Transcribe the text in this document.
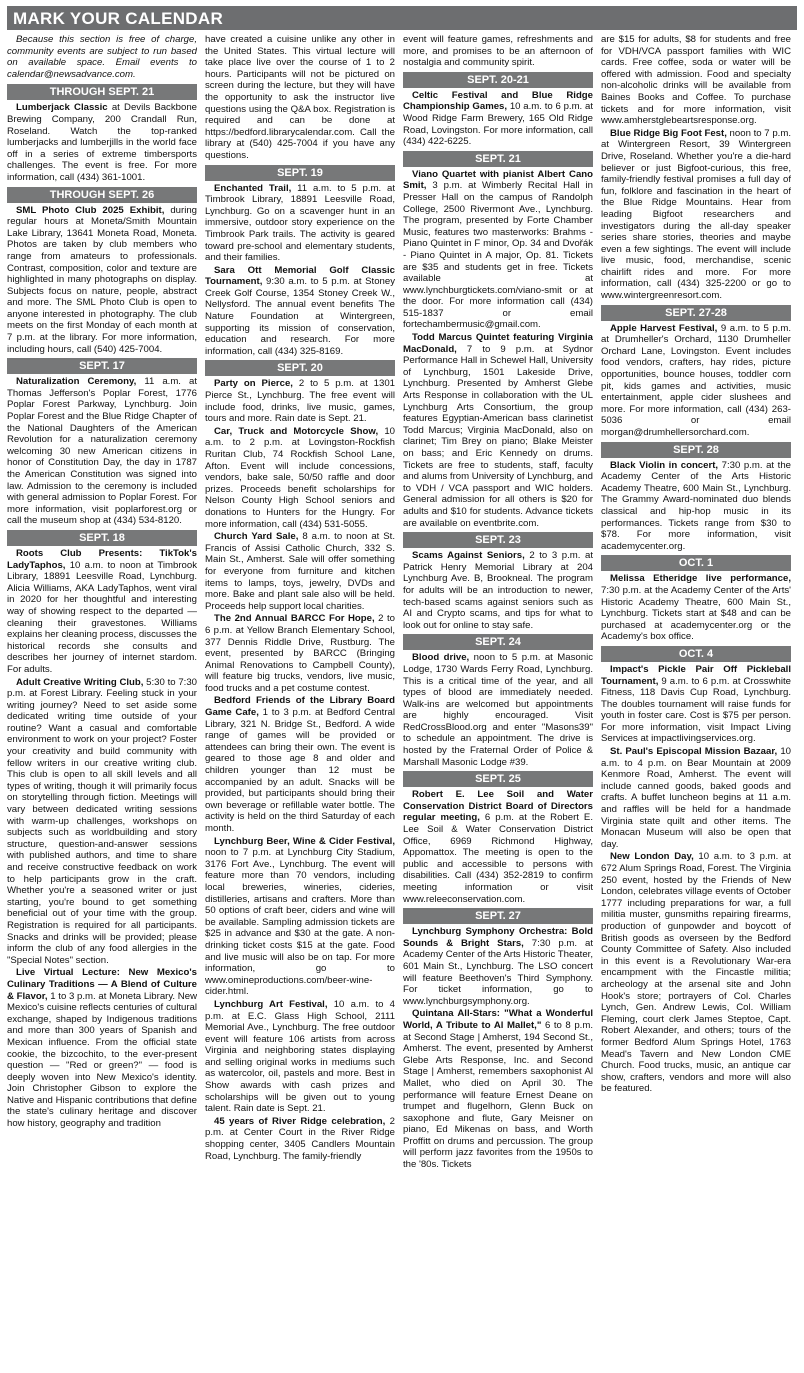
MARK YOUR CALENDAR

Because this section is free of charge, community events are subject to run based on available space. Email events to calendar@newsadvance.com.

THROUGH SEPT. 21

Lumberjack Classic at Devils Backbone Brewing Company, 200 Crandall Run, Roseland. Watch the top-ranked lumberjacks and lumberjills in the world face off in a series of extreme timbersports challenges. The event is free. For more information, call (434) 361-1001.

THROUGH SEPT. 26

SML Photo Club 2025 Exhibit, during regular hours at Moneta/Smith Mountain Lake Library, 13641 Moneta Road, Moneta. Photos are taken by club members who range from amateurs to professionals. Contrast, composition, color and texture are highlighted in many photographs on display. Subjects focus on nature, people, abstract and more. The SML Photo Club is open to anyone interested in photography. The club meets on the first Monday of each month at 7 p.m. at the library. For more information, including hours, call (540) 425-7004.

SEPT. 17

Naturalization Ceremony, 11 a.m. at Thomas Jefferson's Poplar Forest, 1776 Poplar Forest Parkway, Lynchburg. Join Poplar Forest and the Blue Ridge Chapter of the National Daughters of the American Revolution for a naturalization ceremony welcoming 30 new American citizens in honor of Constitution Day, the day in 1787 the American Constitution was signed into law. Admission to the ceremony is included with general admission to Poplar Forest. For more information, visit poplarforest.org or call the museum shop at (434) 534-8120.

SEPT. 18

Roots Club Presents: TikTok's LadyTaphos, 10 a.m. to noon at Timbrook Library, 18891 Leesville Road, Lynchburg. Alicia Williams, AKA LadyTaphos, went viral in 2020 for her thoughtful and interesting way of showing respect to the departed — cleaning their gravestones. Williams explains her cleaning process, discusses the historical records she consults and describes her journey of internet stardom. For adults.

Adult Creative Writing Club, 5:30 to 7:30 p.m. at Forest Library. Feeling stuck in your writing journey? Need to set aside some dedicated writing time outside of your routine? Want a casual and comfortable environment to work on your project? Foster your creativity and build community with fellow writers in our creative writing club. This club is open to all skill levels and all types of writing, though it will primarily focus on storytelling through fiction. Meetings will vary between dedicated writing sessions with warm-up challenges, workshops on subjects such as worldbuilding and story structure, question-and-answer sessions with published authors, and time to share and receive constructive feedback on work to help participants grow in the craft. Whether you're a seasoned writer or just starting, you're bound to get something beneficial out of your time with the group. Registration is required for all participants. Snacks and drinks will be provided; please inform the club of any food allergies in the "Special Notes" section.

Live Virtual Lecture: New Mexico's Culinary Traditions — A Blend of Culture & Flavor, 1 to 3 p.m. at Moneta Library. New Mexico's cuisine reflects centuries of cultural exchange, shaped by Indigenous traditions and more than 300 years of Spanish and Mexican influence. From the official state cookie, the bizcochito, to the ever-present question — "Red or green?" — food is deeply woven into New Mexico's identity. Join Christopher Gibson to explore the Native and Hispanic contributions that define the state's culinary heritage and discover how history, geography and tradition

have created a cuisine unlike any other in the United States. This virtual lecture will take place live over the course of 1 to 2 hours. Participants will not be pictured on screen during the lecture, but they will have the opportunity to ask the instructor live questions using the Q&A box. Registration is required and can be done at https://bedford.librarycalendar.com. Call the library at (540) 425-7004 if you have any questions.

SEPT. 19

Enchanted Trail, 11 a.m. to 5 p.m. at Timbrook Library, 18891 Leesville Road, Lynchburg. Go on a scavenger hunt in an immersive, outdoor story experience on the Timbrook Park trails. The activity is geared toward pre-school and elementary students, and their families.

Sara Ott Memorial Golf Classic Tournament, 9:30 a.m. to 5 p.m. at Stoney Creek Golf Course, 1354 Stoney Creek W., Nellysford. The annual event benefits The Nature Foundation at Wintergreen, supporting its mission of conservation, education and research. For more information, call (434) 325-8169.

SEPT. 20

Party on Pierce, 2 to 5 p.m. at 1301 Pierce St., Lynchburg. The free event will include food, drinks, live music, games, tours and more. Rain date is Sept. 21.

Car, Truck and Motorcycle Show, 10 a.m. to 2 p.m. at Lovingston-Rockfish Ruritan Club, 74 Rockfish School Lane, Afton. Event will include concessions, vendors, bake sale, 50/50 raffle and door prizes. Proceeds benefit scholarships for Nelson County High School seniors and donations to Hunters for the Hungry. For more information, call (434) 531-5055.

Church Yard Sale, 8 a.m. to noon at St. Francis of Assisi Catholic Church, 332 S. Main St., Amherst. Sale will offer something for everyone from furniture and kitchen items to lamps, toys, jewelry, DVDs and more. Bake and plant sale also will be held. Proceeds help support local charities.

The 2nd Annual BARCC For Hope, 2 to 6 p.m. at Yellow Branch Elementary School, 377 Dennis Riddle Drive, Rustburg. The event, presented by BARCC (Bringing Animal Renovations to Campbell County), will feature big trucks, vendors, live music, food trucks and a pet costume contest.

Bedford Friends of the Library Board Game Cafe, 1 to 3 p.m. at Bedford Central Library, 321 N. Bridge St., Bedford. A wide range of games will be provided or attendees can bring their own. The event is geared to those age 8 and older and children younger than 12 must be accompanied by an adult. Snacks will be provided, but participants should bring their own beverage or refillable water bottle. The activity is held on the third Saturday of each month.

Lynchburg Beer, Wine & Cider Festival, noon to 7 p.m. at Lynchburg City Stadium, 3176 Fort Ave., Lynchburg. The event will feature more than 70 vendors, including local breweries, wineries, cideries, distilleries, artisans and crafters. More than 50 options of craft beer, ciders and wine will be available. Sampling admission tickets are $25 in advance and $30 at the gate. A non-drinking ticket costs $15 at the gate. Food and live music will also be on tap. For more information, go to www.omineproductions.com/beer-wine-cider.html.

Lynchburg Art Festival, 10 a.m. to 4 p.m. at E.C. Glass High School, 2111 Memorial Ave., Lynchburg. The free outdoor event will feature 106 artists from across Virginia and neighboring states displaying and selling original works in mediums such as watercolor, oil, pastels and more. Best in Show awards with cash prizes and scholarships will be given out to young talent. Rain date is Sept. 21.

45 years of River Ridge celebration, 2 p.m. at Center Court in the River Ridge shopping center, 3405 Candlers Mountain Road, Lynchburg. The family-friendly

event will feature games, refreshments and more, and promises to be an afternoon of nostalgia and community spirit.

SEPT. 20-21

Celtic Festival and Blue Ridge Championship Games, 10 a.m. to 6 p.m. at Wood Ridge Farm Brewery, 165 Old Ridge Road, Lovingston. For more information, call (434) 422-6225.

SEPT. 21

Viano Quartet with pianist Albert Cano Smit, 3 p.m. at Wimberly Recital Hall in Presser Hall on the campus of Randolph College, 2500 Rivermont Ave., Lynchburg. The program, presented by Forte Chamber Music, features two masterworks: Brahms - Piano Quintet in F minor, Op. 34 and Dvořák - Piano Quintet in A major, Op. 81. Tickets are $35 and students get in free. Tickets available at www.lynchburgtickets.com/viano-smit or at the door. For more information call (434) 515-1837 or email fortechambermusic@gmail.com.

Todd Marcus Quintet featuring Virginia MacDonald, 7 to 9 p.m. at Sydnor Performance Hall in Schewel Hall, University of Lynchburg, 1501 Lakeside Drive, Lynchburg. Presented by Amherst Glebe Arts Response in collaboration with the UL Lynchburg Arts Consortium, the group features Egyptian-American bass clarinetist Todd Marcus; Virginia MacDonald, also on clarinet; Tim Brey on piano; Blake Meister on bass; and Eric Kennedy on drums. Tickets are free to students, staff, faculty and alums from University of Lynchburg, and to VDH / VCA passport and WIC holders. General admission for all others is $20 for adults and $10 for students. Advance tickets are available on eventbrite.com.

SEPT. 23

Scams Against Seniors, 2 to 3 p.m. at Patrick Henry Memorial Library at 204 Lynchburg Ave. B, Brookneal. The program for adults will be an introduction to newer, tech-based scams against seniors such as AI and Crypto scams, and tips for what to look out for online to stay safe.

SEPT. 24

Blood drive, noon to 5 p.m. at Masonic Lodge, 1730 Wards Ferry Road, Lynchburg. This is a critical time of the year, and all types of blood are immediately needed. Walk-ins are welcomed but appointments are highly encouraged. Visit RedCrossBlood.org and enter "Masons39" to schedule an appointment. The drive is hosted by the Fraternal Order of Police & Marshall Masonic Lodge #39.

SEPT. 25

Robert E. Lee Soil and Water Conservation District Board of Directors regular meeting, 6 p.m. at the Robert E. Lee Soil & Water Conservation District Office, 6969 Richmond Highway, Appomattox. The meeting is open to the public and accessible to persons with disabilities. Call (434) 352-2819 to confirm meeting information or visit www.releeconservation.com.

SEPT. 27

Lynchburg Symphony Orchestra: Bold Sounds & Bright Stars, 7:30 p.m. at Academy Center of the Arts Historic Theater, 601 Main St., Lynchburg. The LSO concert will feature Beethoven's Third Symphony. For ticket information, go to www.lynchburgsymphony.org.

Quintana All-Stars: "What a Wonderful World, A Tribute to Al Mallet," 6 to 8 p.m. at Second Stage | Amherst, 194 Second St., Amherst. The event, presented by Amherst Glebe Arts Response, Inc. and Second Stage | Amherst, remembers saxophonist Al Mallet, who died on April 30. The performance will feature Ernest Deane on trumpet and flugelhorn, Glenn Buck on saxophone and flute, Gary Meisner on piano, Ed Mikenas on bass, and Worth Proffitt on drums and percussion. The group will perform jazz favorites from the 1950s to the '80s. Tickets

are $15 for adults, $8 for students and free for VDH/VCA passport families with WIC cards. Free coffee, soda or water will be offered with admission. Food and specialty non-alcoholic drinks will be available from Baines Books and Coffee. To purchase tickets and for more information, visit www.amherstglebeartsresponse.org.

Blue Ridge Big Foot Fest, noon to 7 p.m. at Wintergreen Resort, 39 Wintergreen Drive, Roseland. Whether you're a die-hard believer or just Bigfoot-curious, this free, family-friendly festival promises a full day of fun, folklore and fascination in the heart of the Blue Ridge Mountains. Hear from leading Bigfoot researchers and investigators during the all-day speaker series share stories, theories and maybe even a few sightings. The event will include live music, food, merchandise, scenic chairlift rides and more. For more information, call (434) 325-2200 or go to www.wintergreenresort.com.

SEPT. 27-28

Apple Harvest Festival, 9 a.m. to 5 p.m. at Drumheller's Orchard, 1130 Drumheller Orchard Lane, Lovingston. Event includes food vendors, crafters, hay rides, picture opportunities, bounce houses, toddler corn pit, kids games and activities, music entertainment, apple cider slushees and more. For more information, call (434) 263-5036 or email morgan@drumhellersorchard.com.

SEPT. 28

Black Violin in concert, 7:30 p.m. at the Academy Center of the Arts Historic Academy Theatre, 600 Main St., Lynchburg. The Grammy Award-nominated duo blends classical and hip-hop music in its performances. Tickets range from $30 to $78. For more information, visit academycenter.org.

OCT. 1

Melissa Etheridge live performance, 7:30 p.m. at the Academy Center of the Arts' Historic Academy Theatre, 600 Main St., Lynchburg. Tickets start at $48 and can be purchased at academycenter.org or the Academy's box office.

OCT. 4

Impact's Pickle Pair Off Pickleball Tournament, 9 a.m. to 6 p.m. at Crosswhite Fitness, 118 Davis Cup Road, Lynchburg. The doubles tournament will raise funds for youth in foster care. Cost is $75 per person. For more information, visit Impact Living Services at impactlivingservices.org.

St. Paul's Episcopal Mission Bazaar, 10 a.m. to 4 p.m. on Bear Mountain at 2009 Kenmore Road, Amherst. The event will include canned goods, baked goods and crafts. A buffet luncheon begins at 11 a.m. and raffles will be held for a handmade Virginia state quilt and other items. The Monacan Museum will also be open that day.

New London Day, 10 a.m. to 3 p.m. at 672 Alum Springs Road, Forest. The Virginia 250 event, hosted by the Friends of New London, celebrates village events of October 1777 including preparations for war, a full militia muster, gunsmiths repairing firearms, production of gunpowder and boycott of British goods as overseen by the Bedford County Committee of Safety. Also included in this event is a Revolutionary War-era encampment with the Fincastle militia; archeology at the arsenal site and John Hook's store; portrayers of Col. Charles Lynch, Gen. Andrew Lewis, Col. William Fleming, court clerk James Steptoe, Capt. Robert Alexander, and others; tours of the former Bedford Alum Springs Hotel, 1763 Mead's Tavern and New London CME Church. Food trucks, music, an antique car show, crafters, vendors and more will also be featured.
